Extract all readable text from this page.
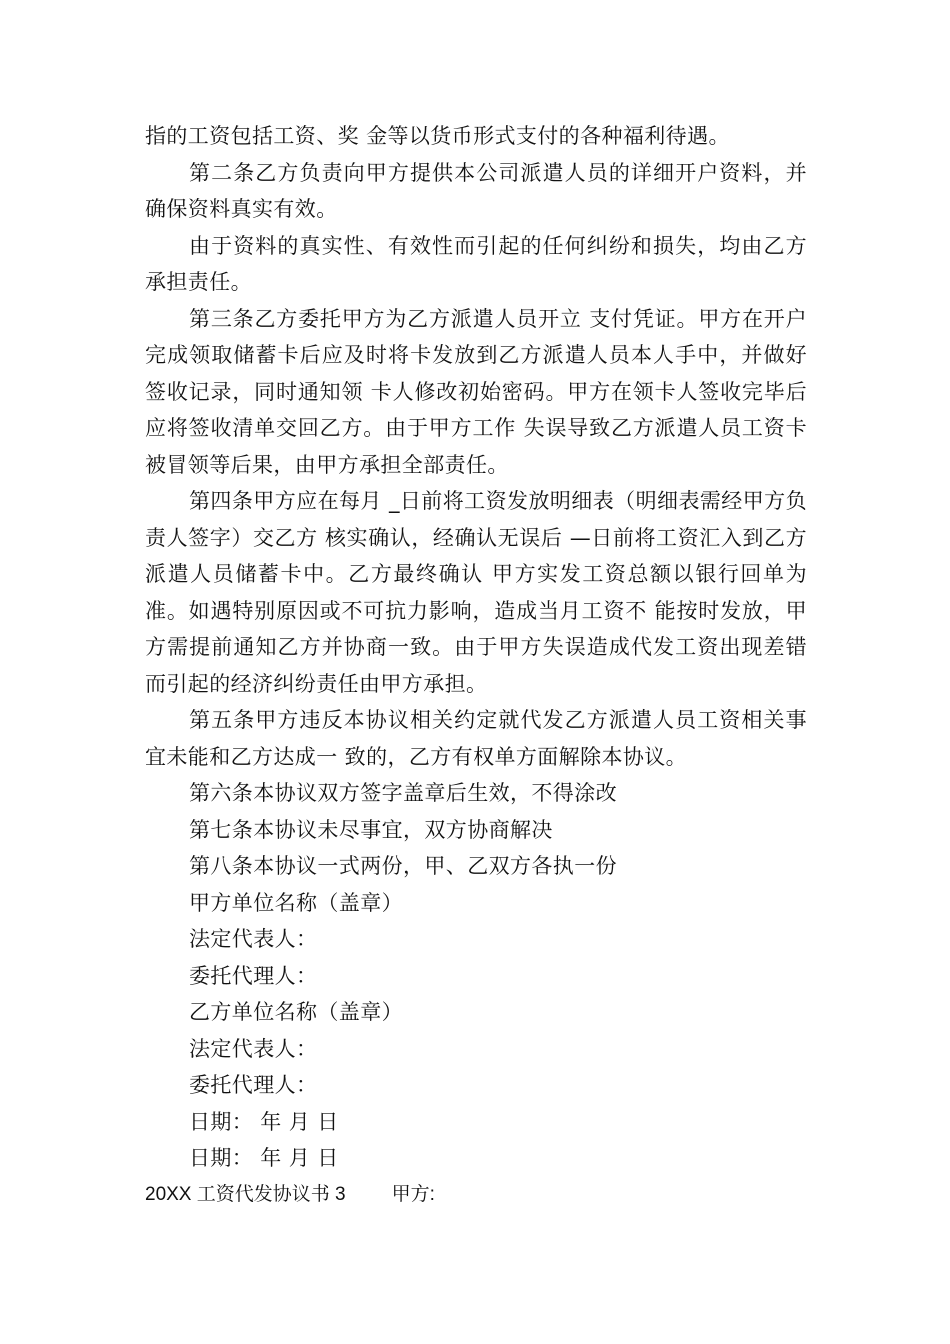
指的工资包括工资、奖 金等以货币形式支付的各种福利待遇。

第二条乙方负责向甲方提供本公司派遣人员的详细开户资料，并确保资料真实有效。

由于资料的真实性、有效性而引起的任何纠纷和损失，均由乙方承担责任。

第三条乙方委托甲方为乙方派遣人员开立 支付凭证。甲方在开户完成领取储蓄卡后应及时将卡发放到乙方派遣人员本人手中，并做好签收记录，同时通知领 卡人修改初始密码。甲方在领卡人签收完毕后应将签收清单交回乙方。由于甲方工作 失误导致乙方派遣人员工资卡被冒领等后果，由甲方承担全部责任。

第四条甲方应在每月 _日前将工资发放明细表（明细表需经甲方负责人签字）交乙方 核实确认，经确认无误后 —日前将工资汇入到乙方派遣人员储蓄卡中。乙方最终确认 甲方实发工资总额以银行回单为准。如遇特别原因或不可抗力影响，造成当月工资不 能按时发放，甲方需提前通知乙方并协商一致。由于甲方失误造成代发工资出现差错 而引起的经济纠纷责任由甲方承担。

第五条甲方违反本协议相关约定就代发乙方派遣人员工资相关事宜未能和乙方达成一 致的，乙方有权单方面解除本协议。

第六条本协议双方签字盖章后生效，不得涂改

第七条本协议未尽事宜，双方协商解决

第八条本协议一式两份，甲、乙双方各执一份

甲方单位名称（盖章）

法定代表人：

委托代理人：

乙方单位名称（盖章）

法定代表人：

委托代理人：

日期： 年 月 日

日期： 年 月 日

20XX 工资代发协议书 3 甲方:
